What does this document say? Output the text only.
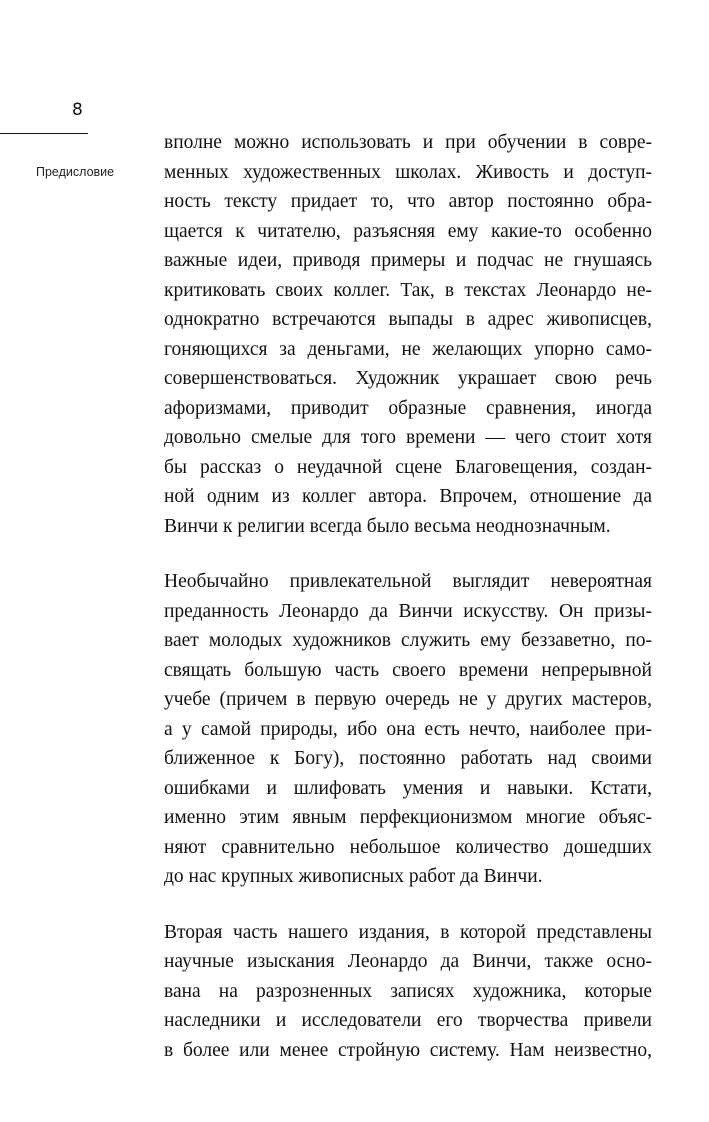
8
Предисловие

вполне можно использовать и при обучении в совре-
менных художественных школах. Живость и доступ-
ность тексту придает то, что автор постоянно обра-
щается к читателю, разъясняя ему какие-то особенно
важные идеи, приводя примеры и подчас не гнушаясь
критиковать своих коллег. Так, в текстах Леонардо не-
однократно встречаются выпады в адрес живописцев,
гоняющихся за деньгами, не желающих упорно само-
совершенствоваться. Художник украшает свою речь
афоризмами, приводит образные сравнения, иногда
довольно смелые для того времени — чего стоит хотя
бы рассказ о неудачной сцене Благовещения, создан-
ной одним из коллег автора. Впрочем, отношение да
Винчи к религии всегда было весьма неоднозначным.

Необычайно привлекательной выглядит невероятная
преданность Леонардо да Винчи искусству. Он призы-
вает молодых художников служить ему беззаветно, по-
свящать большую часть своего времени непрерывной
учебе (причем в первую очередь не у других мастеров,
а у самой природы, ибо она есть нечто, наиболее при-
ближенное к Богу), постоянно работать над своими
ошибками и шлифовать умения и навыки. Кстати,
именно этим явным перфекционизмом многие объяс-
няют сравнительно небольшое количество дошедших
до нас крупных живописных работ да Винчи.

Вторая часть нашего издания, в которой представлены
научные изыскания Леонардо да Винчи, также осно-
вана на разрозненных записях художника, которые
наследники и исследователи его творчества привели
в более или менее стройную систему. Нам неизвестно,
